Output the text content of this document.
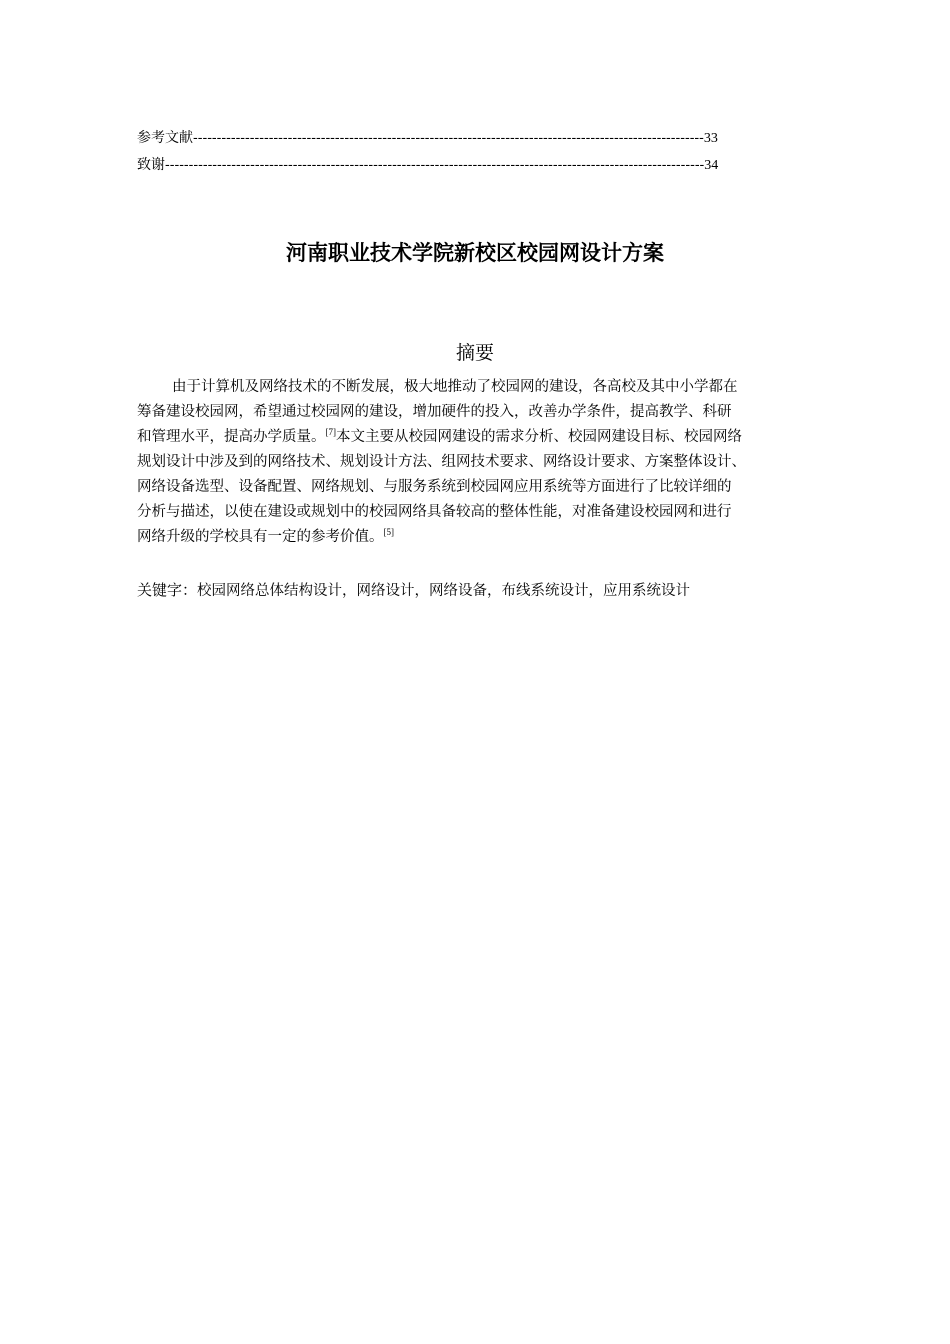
参考文献------------------------------------------------------------------------------------------------------------33
致谢------------------------------------------------------------------------------------------------------------------34
河南职业技术学院新校区校园网设计方案
摘要
由于计算机及网络技术的不断发展，极大地推动了校园网的建设，各高校及其中小学都在
筹备建设校园网，希望通过校园网的建设，增加硬件的投入，改善办学条件，提高教学、科研
和管理水平，提高办学质量。[7]本文主要从校园网建设的需求分析、校园网建设目标、校园网络
规划设计中涉及到的网络技术、规划设计方法、组网技术要求、网络设计要求、方案整体设计、
网络设备选型、设备配置、网络规划、与服务系统到校园网应用系统等方面进行了比较详细的
分析与描述，以使在建设或规划中的校园网络具备较高的整体性能，对准备建设校园网和进行
网络升级的学校具有一定的参考价值。[5]
关键字：校园网络总体结构设计，网络设计，网络设备，布线系统设计，应用系统设计
